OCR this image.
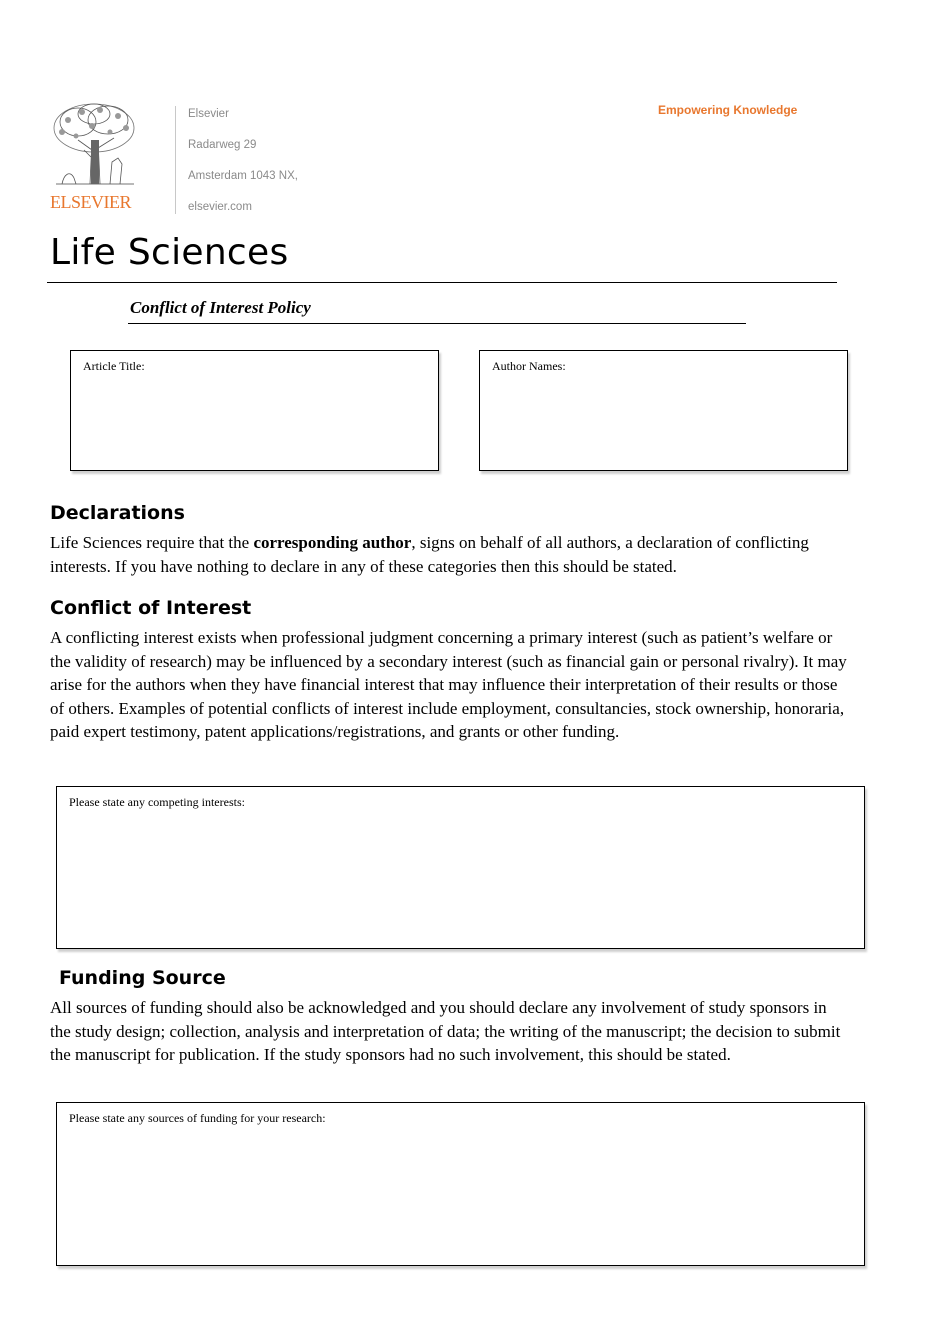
ELSEVIER
Elsevier
Radarweg 29
Amsterdam 1043 NX,
elsevier.com
Empowering Knowledge
Life Sciences
Conflict of Interest Policy
Article Title:	Author Names:
Declarations

Life Sciences require that the corresponding author, signs on behalf of all authors, a declaration of conflicting interests. If you have nothing to declare in any of these categories then this should be stated.

Conflict of Interest

A conflicting interest exists when professional judgment concerning a primary interest (such as patient’s welfare or the validity of research) may be influenced by a secondary interest (such as financial gain or personal rivalry). It may arise for the authors when they have financial interest that may influence their interpretation of their results or those of others. Examples of potential conflicts of interest include employment, consultancies, stock ownership, honoraria, paid expert testimony, patent applications/registrations, and grants or other funding.

Please state any competing interests:
Funding Source

All sources of funding should also be acknowledged and you should declare any involvement of study sponsors in the study design; collection, analysis and interpretation of data; the writing of the manuscript; the decision to submit the manuscript for publication. If the study sponsors had no such involvement, this should be stated.

Please state any sources of funding for your research:
